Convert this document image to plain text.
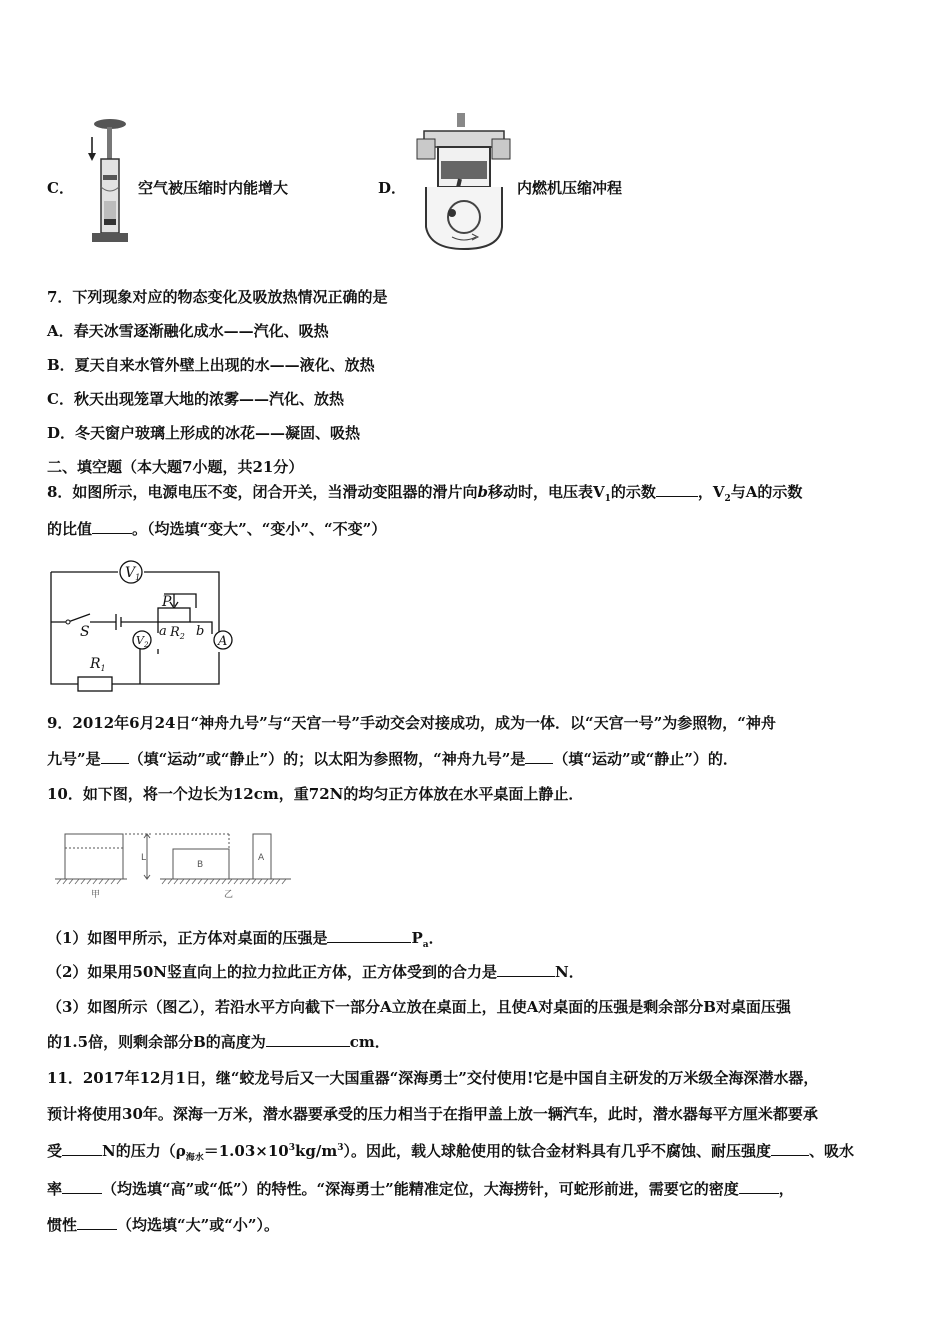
C．	空气被压缩时内能增大	D．	内燃机压缩冲程
7．下列现象对应的物态变化及吸放热情况正确的是
A．春天冰雪逐渐融化成水——汽化、吸热
B．夏天自来水管外壁上出现的水——液化、放热
C．秋天出现笼罩大地的浓雾——汽化、放热
D．冬天窗户玻璃上形成的冰花——凝固、吸热
二、填空题（本大题7小题，共21分）
8．如图所示，电源电压不变，闭合开关，当滑动变阻器的滑片向b移动时，电压表$V_1$的示数	，$V_2$与A的示数
的比值	。（均选填“变大”、“变小”、“不变”）
$V_1$
$V_2$	A
S
P
a $R_2$ b
$R_1$
9．2012年6月24日“神舟九号”与“天宫一号”手动交会对接成功，成为一体．以“天宫一号”为参照物，“神舟
九号”是 （填“运动”或“静止”）的；以太阳为参照物，“神舟九号”是 （填“运动”或“静止”）的．
10．如下图，将一个边长为12cm，重72N的均匀正方体放在水平桌面上静止．
L
B
A
甲	乙
（1）如图甲所示，正方体对桌面的压强是	$P_a$．
（2）如果用50N竖直向上的拉力拉此正方体，正方体受到的合力是	N．
（3）如图所示（图乙），若沿水平方向截下一部分A立放在桌面上，且使A对桌面的压强是剩余部分B对桌面压强
的1.5倍，则剩余部分B的高度为	cm．
11．2017年12月1日，继“蛟龙号后又一大国重器“深海勇士”交付使用!它是中国自主研发的万米级全海深潜水器，
预计将使用30年。深海一万米，潜水器要承受的压力相当于在指甲盖上放一辆汽车，此时，潜水器每平方厘米都要承
受	N的压力$(\rho_{海水}=1.03\times 10^3kg/m^3)$。因此，载人球舱使用的钛合金材料具有几乎不腐蚀、耐压强度	、吸水
率	（均选填“高”或“低”）的特性。“深海勇士”能精准定位，大海捞针，可蛇形前进，需要它的密度	，
惯性	（均选填“大”或“小”）。
